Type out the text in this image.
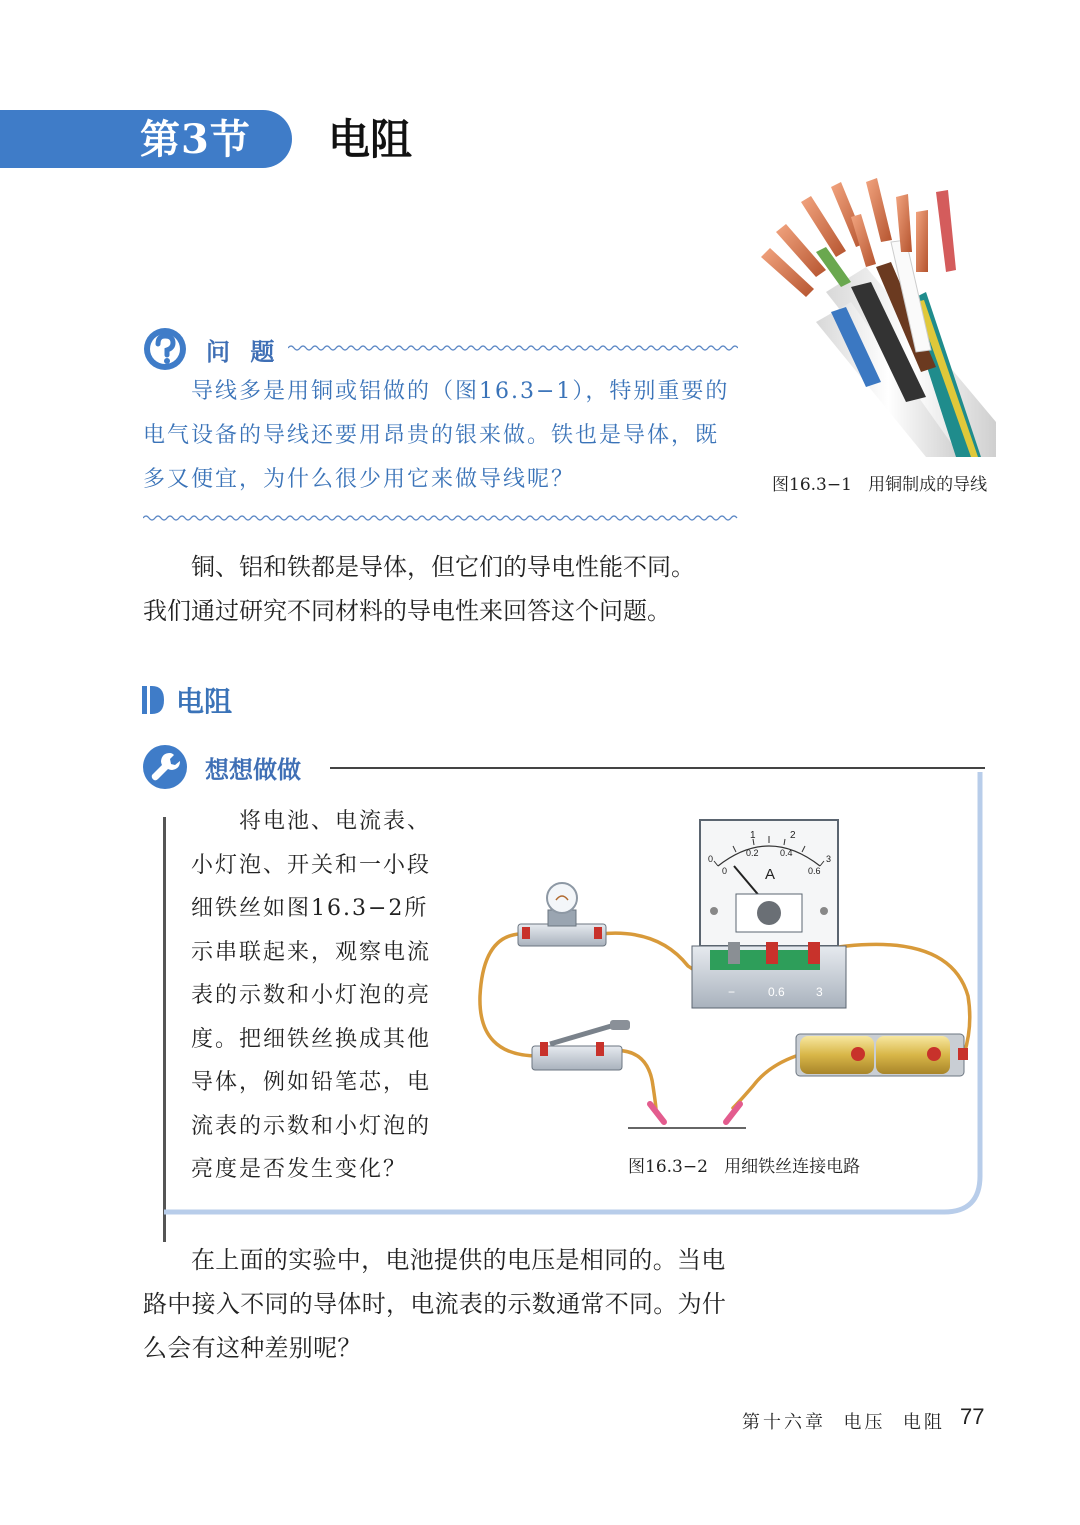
第3节 电阻
问 题
导线多是用铜或铝做的（图16.3−1），特别重要的
电气设备的导线还要用昂贵的银来做。铁也是导体，既
多又便宜，为什么很少用它来做导线呢？	图16.3−1   用铜制成的导线
铜、铝和铁都是导体，但它们的导电性能不同。
我们通过研究不同材料的导电性来回答这个问题。
电阻
想想做做
将电池、电流表、
小灯泡、开关和一小段
细铁丝如图16.3−2所
示串联起来，观察电流
表的示数和小灯泡的亮
度。把细铁丝换成其他
导体，例如铅笔芯，电
流表的示数和小灯泡的
亮度是否发生变化？
A
1	2
0
0.2 0.4
0.6
0	3
−	0.6	3
图16.3−2   用细铁丝连接电路
在上面的实验中，电池提供的电压是相同的。当电
路中接入不同的导体时，电流表的示数通常不同。为什
么会有这种差别呢？
第十六章  电压  电阻 77
